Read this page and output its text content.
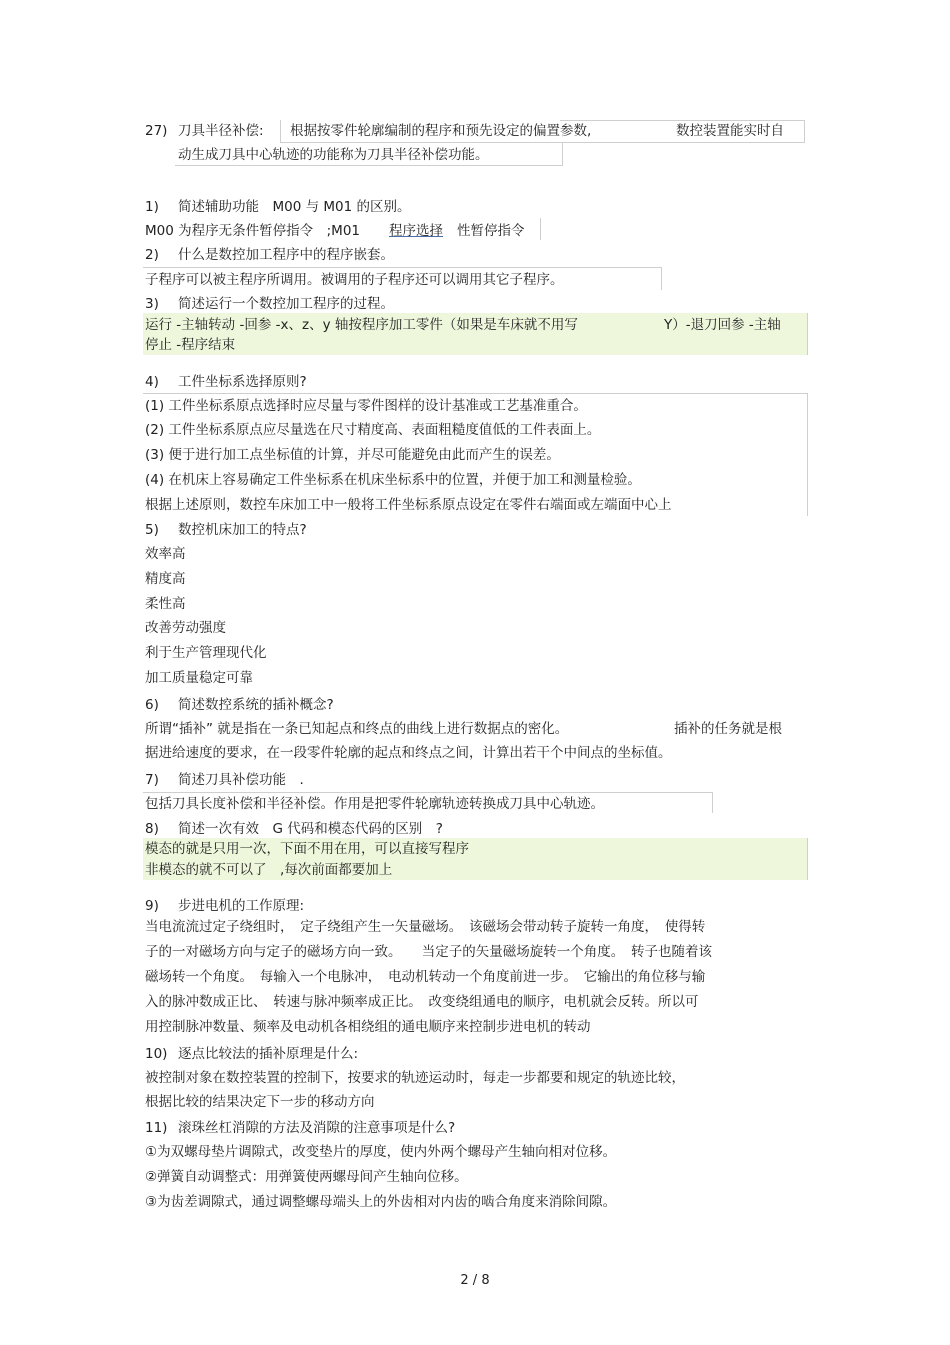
27) 刀具半径补偿: 根据按零件轮廓编制的程序和预先设定的偏置参数,	数控装置能实时自
动生成刀具中心轨迹的功能称为刀具半径补偿功能。
1) 简述辅助功能　M00 与 M01 的区别。
M00 为程序无条件暂停指令　;M01 程序选择 性暂停指令
2) 什么是数控加工程序中的程序嵌套。
子程序可以被主程序所调用。被调用的子程序还可以调用其它子程序。
3) 简述运行一个数控加工程序的过程。
运行 -主轴转动 -回参 -x、z、y 轴按程序加工零件（如果是车床就不用写	Y）-退刀回参 -主轴
停止 -程序结束
4) 工件坐标系选择原则?
(1) 工件坐标系原点选择时应尽量与零件图样的设计基准或工艺基准重合。
(2) 工件坐标系原点应尽量选在尺寸精度高、表面粗糙度值低的工件表面上。
(3) 便于进行加工点坐标值的计算，并尽可能避免由此而产生的误差。
(4) 在机床上容易确定工件坐标系在机床坐标系中的位置，并便于加工和测量检验。
根据上述原则，数控车床加工中一般将工件坐标系原点设定在零件右端面或左端面中心上
5) 数控机床加工的特点?
效率高
精度高
柔性高
改善劳动强度
利于生产管理现代化
加工质量稳定可靠
6) 简述数控系统的插补概念?
所谓“插补” 就是指在一条已知起点和终点的曲线上进行数据点的密化。	插补的任务就是根
据进给速度的要求，在一段零件轮廓的起点和终点之间，计算出若干个中间点的坐标值。
7) 简述刀具补偿功能　.
包括刀具长度补偿和半径补偿。作用是把零件轮廓轨迹转换成刀具中心轨迹。
8) 简述一次有效　G 代码和模态代码的区别　?
模态的就是只用一次，下面不用在用，可以直接写程序
非模态的就不可以了　,每次前面都要加上
9) 步进电机的工作原理:
当电流流过定子绕组时，　定子绕组产生一矢量磁场。　该磁场会带动转子旋转一角度，　使得转
子的一对磁场方向与定子的磁场方向一致。　　当定子的矢量磁场旋转一个角度。　转子也随着该
磁场转一个角度。　每输入一个电脉冲，　电动机转动一个角度前进一步。　它输出的角位移与输
入的脉冲数成正比、　转速与脉冲频率成正比。　改变绕组通电的顺序，电机就会反转。所以可
用控制脉冲数量、频率及电动机各相绕组的通电顺序来控制步进电机的转动
10) 逐点比较法的插补原理是什么:
被控制对象在数控装置的控制下，按要求的轨迹运动时，每走一步都要和规定的轨迹比较，
根据比较的结果决定下一步的移动方向
11) 滚珠丝杠消隙的方法及消隙的注意事项是什么?
①为双螺母垫片调隙式，改变垫片的厚度，使内外两个螺母产生轴向相对位移。
②弹簧自动调整式：用弹簧使两螺母间产生轴向位移。
③为齿差调隙式，通过调整螺母端头上的外齿相对内齿的啮合角度来消除间隙。
2 / 8
